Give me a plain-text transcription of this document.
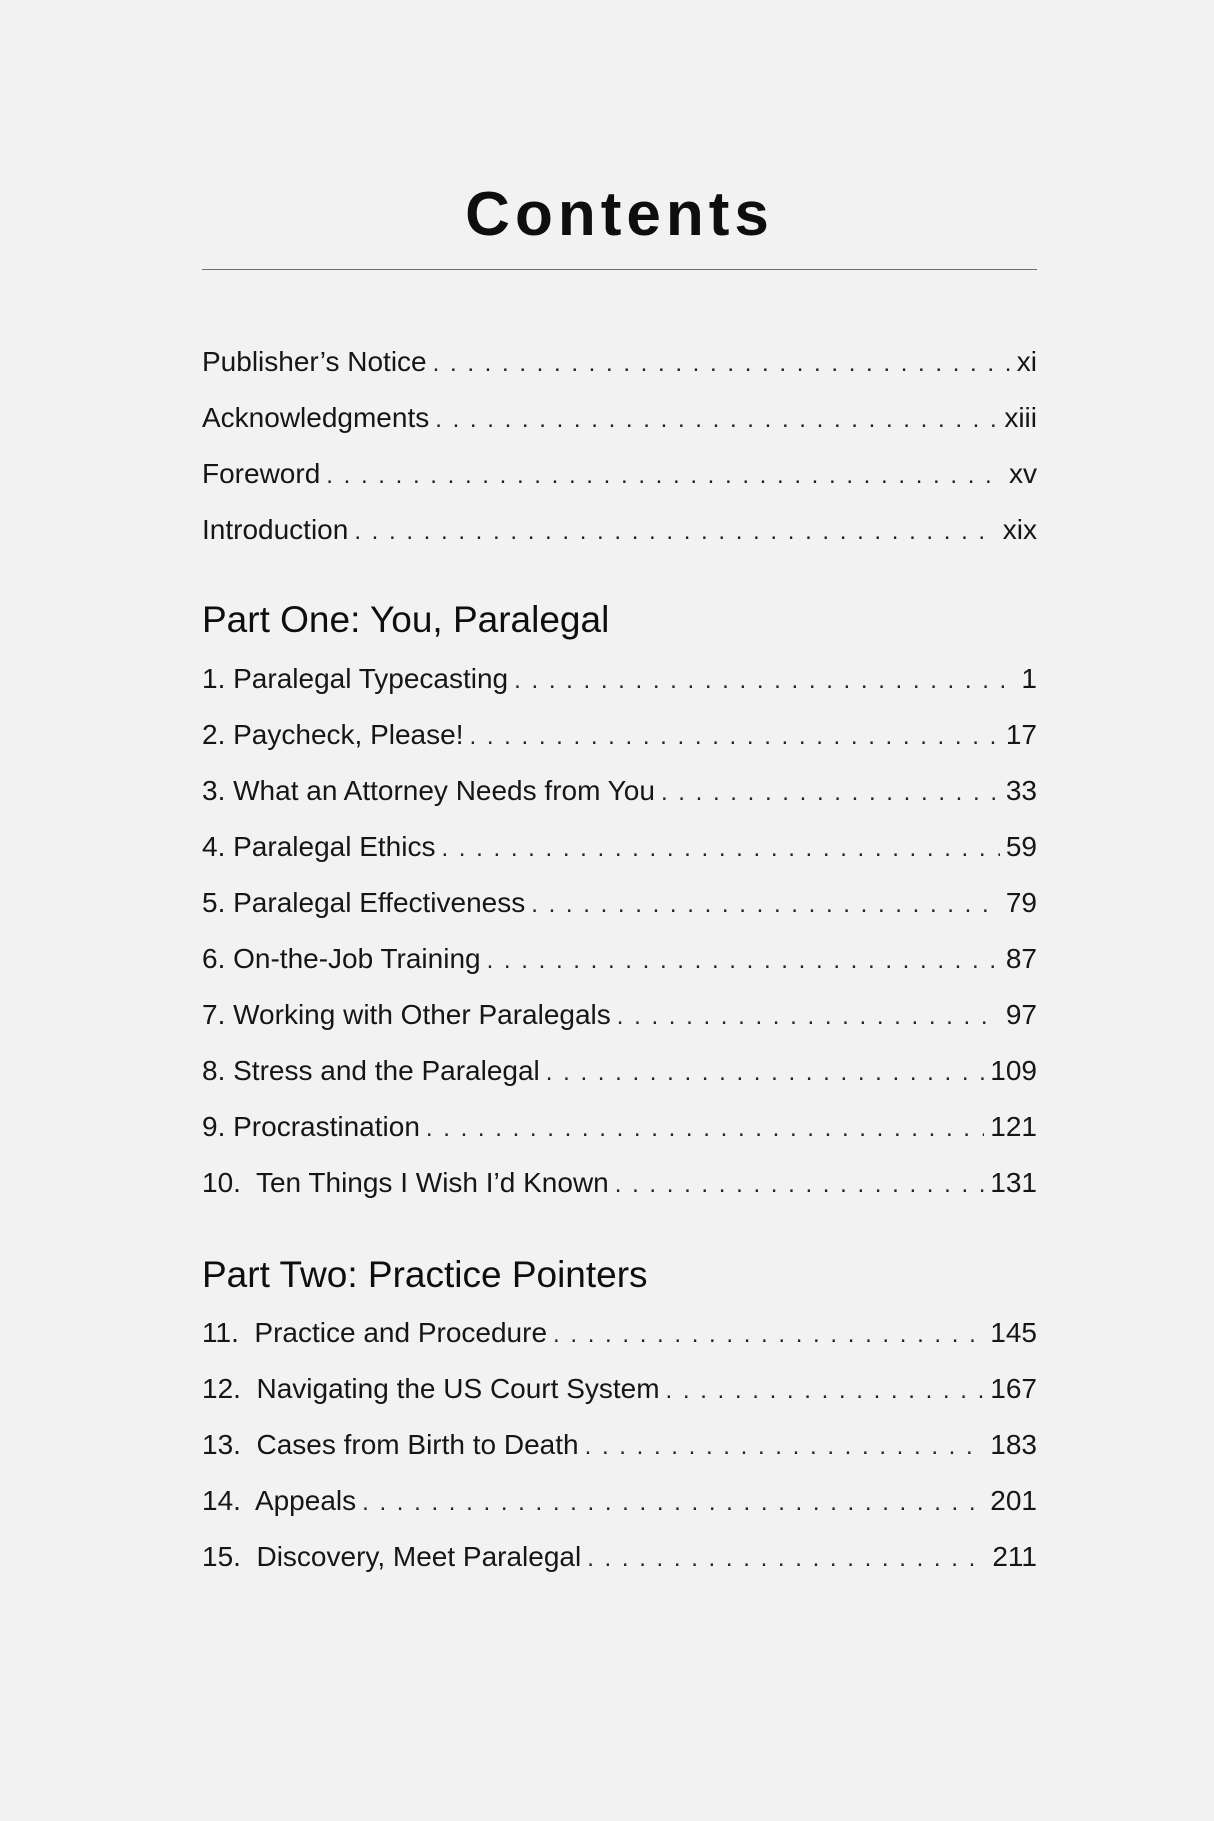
Contents
Publisher’s Notice . . .	xi
Acknowledgments . . .	xiii
Foreword . . .	xv
Introduction . . .	xix
Part One: You, Paralegal
1. Paralegal Typecasting . . .	1
2. Paycheck, Please! . . .	17
3. What an Attorney Needs from You . . .	33
4. Paralegal Ethics . . .	59
5. Paralegal Effectiveness . . .	79
6. On-the-Job Training . . .	87
7. Working with Other Paralegals . . .	97
8. Stress and the Paralegal . . .	109
9. Procrastination . . .	121
10.  Ten Things I Wish I’d Known . . .	131
Part Two: Practice Pointers
11.  Practice and Procedure . . .	145
12.  Navigating the US Court System . . .	167
13.  Cases from Birth to Death . . .	183
14.  Appeals . . .	201
15.  Discovery, Meet Paralegal . . .	211
